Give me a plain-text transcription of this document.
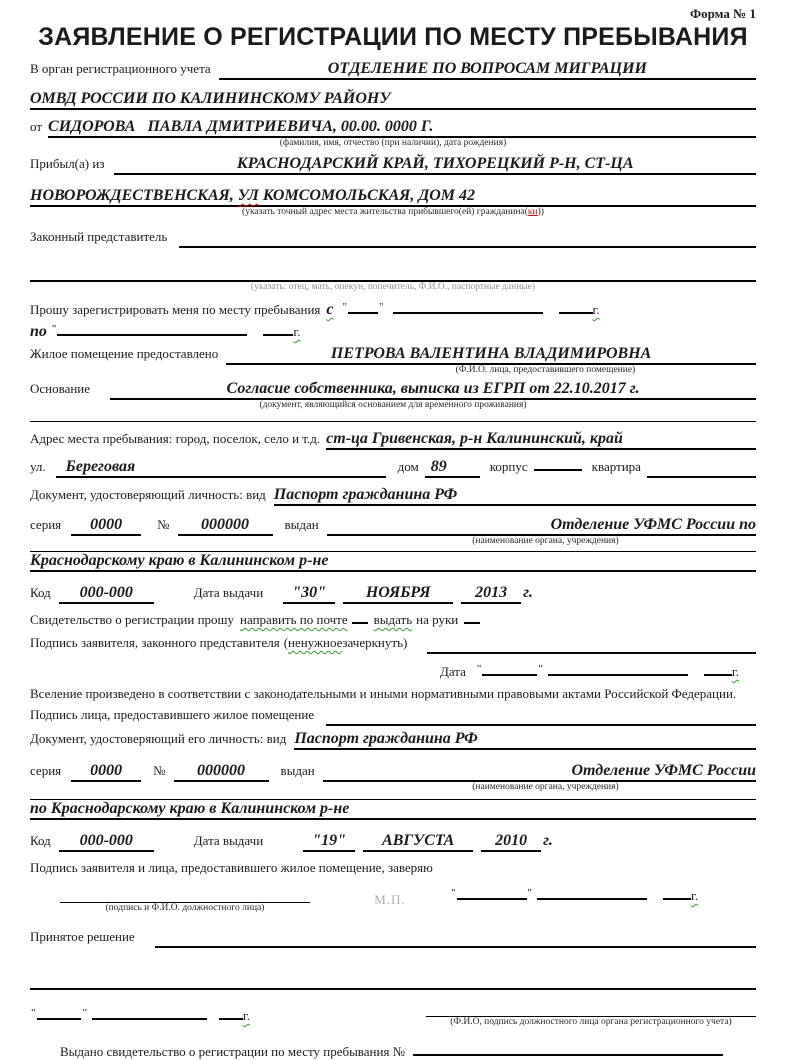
Форма № 1
ЗАЯВЛЕНИЕ О РЕГИСТРАЦИИ ПО МЕСТУ ПРЕБЫВАНИЯ
В орган регистрационного учета	ОТДЕЛЕНИЕ ПО ВОПРОСАМ МИГРАЦИИ
ОМВД РОССИИ ПО КАЛИНИНСКОМУ РАЙОНУ
от СИДОРОВА   ПАВЛА ДМИТРИЕВИЧА, 00.00. 0000 Г.
(фамилия, имя, отчество (при наличии), дата рождения)
Прибыл(а) из	КРАСНОДАРСКИЙ КРАЙ, ТИХОРЕЦКИЙ Р-Н, СТ-ЦА
НОВОРОЖДЕСТВЕНСКАЯ, УЛ КОМСОМОЛЬСКАЯ, ДОМ 42
(указать точный адрес места жительства прибывшего(ей) гражданина(ки))
Законный представитель

(указать: отец, мать, опекун, попечитель, Ф.И.О., паспортные данные)
Прошу зарегистрировать меня по месту пребывания с "	"	г.
по "	г.
Жилое помещение предоставлено	ПЕТРОВА ВАЛЕНТИНА ВЛАДИМИРОВНА
(Ф.И.О. лица, предоставившего помещение)
Основание	Согласие собственника, выписка из ЕГРП от 22.10.2017 г.
(документ, являющийся основанием для временного проживания)
Адрес места пребывания: город, поселок, село и т.д. ст-ца Гривенская, р-н Калининский, край
ул.	Береговая	дом 89	корпус	квартира

Документ, удостоверяющий личность: вид Паспорт гражданина РФ
серия	0000	№	000000	выдан	Отделение УФМС России по
(наименование органа, учреждения)
Краснодарскому краю в Калининском р-не
Код	000-000	Дата выдачи	"30"	НОЯБРЯ	2013	г.
Свидетельство о регистрации прошу направить по почте выдать на руки
Подпись заявителя, законного представителя ( ненужное зачеркнуть)

Дата "	"	г.
Вселение произведено в соответствии с законодательными и иными нормативными правовыми актами Российской Федерации.
Подпись лица, предоставившего жилое помещение

Документ, удостоверяющий его личность: вид Паспорт гражданина РФ
серия	0000	№	000000	выдан	Отделение УФМС России
(наименование органа, учреждения)
по Краснодарскому краю в Калининском р-не
Код	000-000	Дата выдачи	"19"	АВГУСТА	2010	г.
Подпись заявителя и лица, предоставившего жилое помещение, заверяю
(подпись и Ф.И.О. должностного лица)
М.П.	"	"	г.
Принятое решение

"	"	г.	(Ф.И.О, подпись должностного лица органа регистрационного учета)
Выдано свидетельство о регистрации по месту пребывания №
